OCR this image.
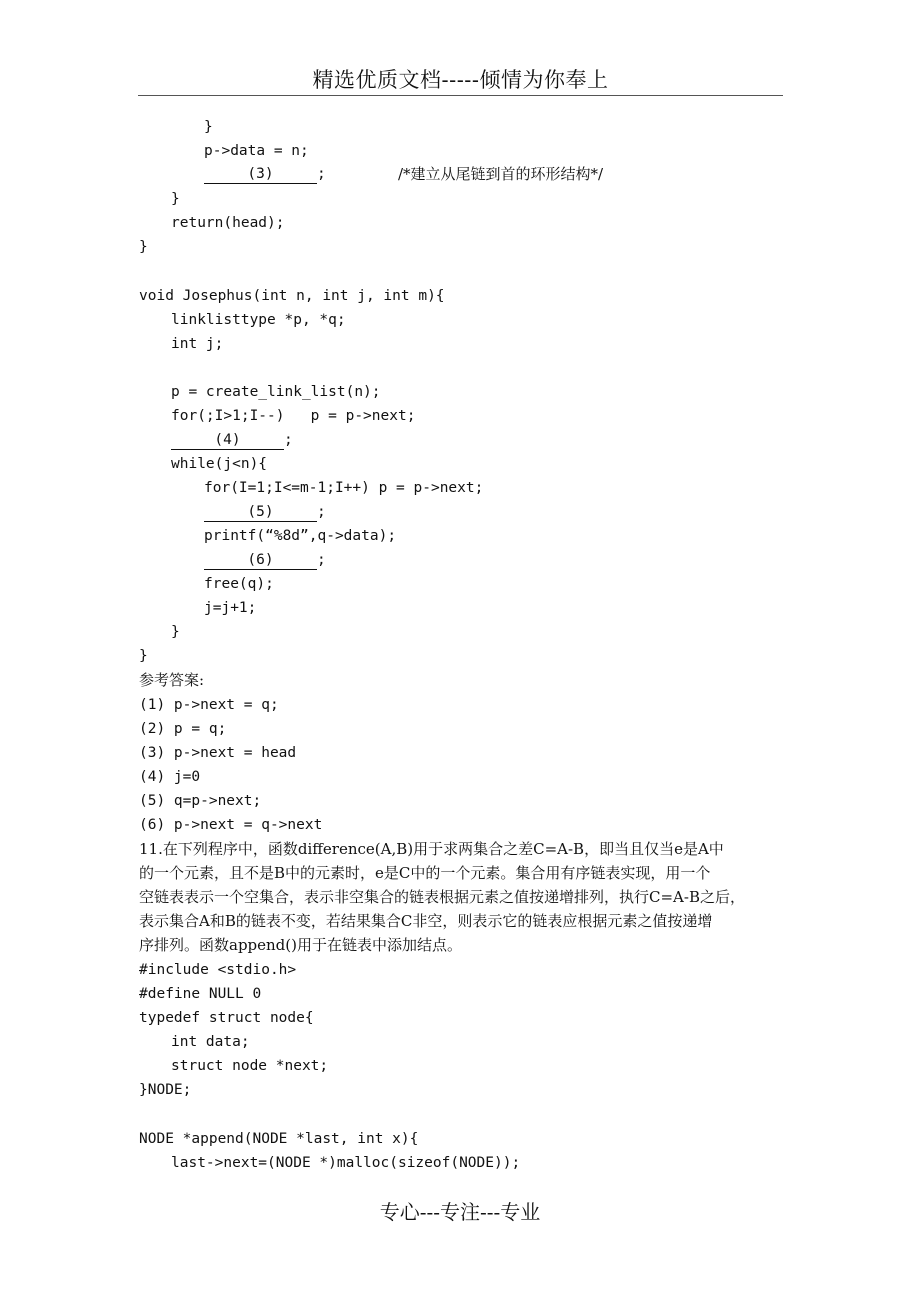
精选优质文档-----倾情为你奉上
}
p->data = n;
(3)	;	/*建立从尾链到首的环形结构*/
}
return(head);
}
void Josephus(int n, int j, int m){
linklisttype *p, *q;
int j;
p = create_link_list(n);
for(;I>1;I--)   p = p->next;
(4)	;
while(j<n){
for(I=1;I<=m-1;I++) p = p->next;
(5)	;
printf(“%8d”,q->data);
(6)	;
free(q);
j=j+1;
}
}
参考答案:
(1) p->next = q;
(2) p = q;
(3) p->next = head
(4) j=0
(5) q=p->next;
(6) p->next = q->next
11.在下列程序中，函数difference(A,B)用于求两集合之差C=A-B，即当且仅当e是A中
的一个元素，且不是B中的元素时，e是C中的一个元素。集合用有序链表实现，用一个
空链表表示一个空集合，表示非空集合的链表根据元素之值按递增排列，执行C=A-B之后，
表示集合A和B的链表不变，若结果集合C非空，则表示它的链表应根据元素之值按递增
序排列。函数append()用于在链表中添加结点。
#include <stdio.h>
#define NULL 0
typedef struct node{
int data;
struct node *next;
}NODE;
NODE *append(NODE *last, int x){
last->next=(NODE *)malloc(sizeof(NODE));
专心---专注---专业
